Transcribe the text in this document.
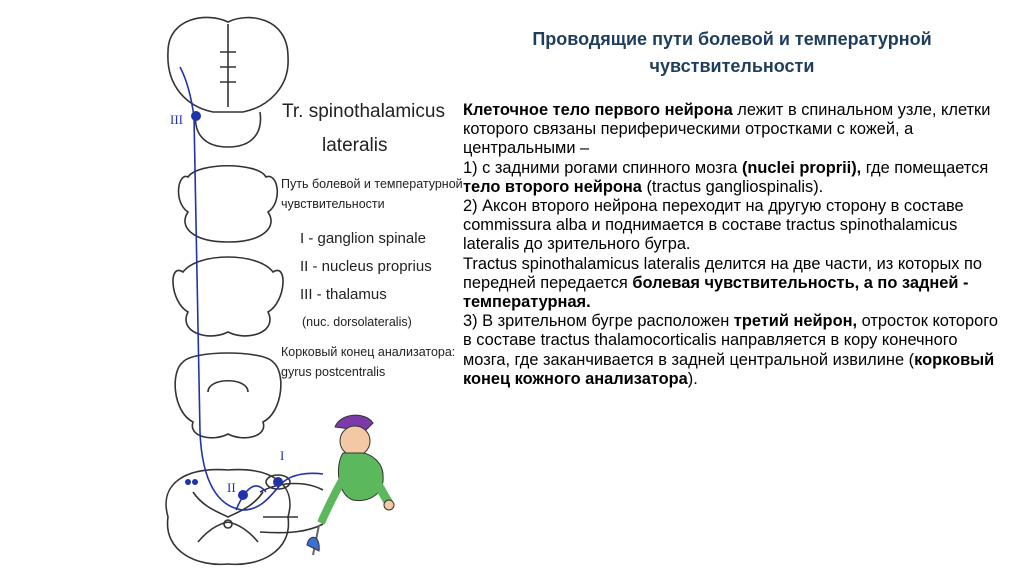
Проводящие пути болевой и температурной
чувствительности
III
II
I
Tr. spinothalamicus
lateralis
Путь болевой и температурной
чувствительности
I - ganglion spinale
II - nucleus proprius
III - thalamus
(nuc. dorsolateralis)
Корковый конец анализатора:
gyrus postcentralis

Клеточное тело первого нейрона лежит в спинальном узле, клетки которого связаны периферическими отростками с кожей, а центральными –

1) с задними рогами спинного мозга (nuclei proprii), где помещается тело второго нейрона (tractus gangliospinalis).

2) Аксон второго нейрона переходит на другую сторону в составе commissura alba и поднимается в составе tractus spinothalamicus lateralis до зрительного бугра.

Tractus spinothalamicus lateralis делится на две части, из которых по передней передается болевая чувствительность, а по задней - температурная.

3) В зрительном бугре расположен третий нейрон, отросток которого в составе tractus thalamocorticalis направляется в кору конечного мозга, где заканчивается в задней центральной извилине (корковый конец кожного анализатора).
